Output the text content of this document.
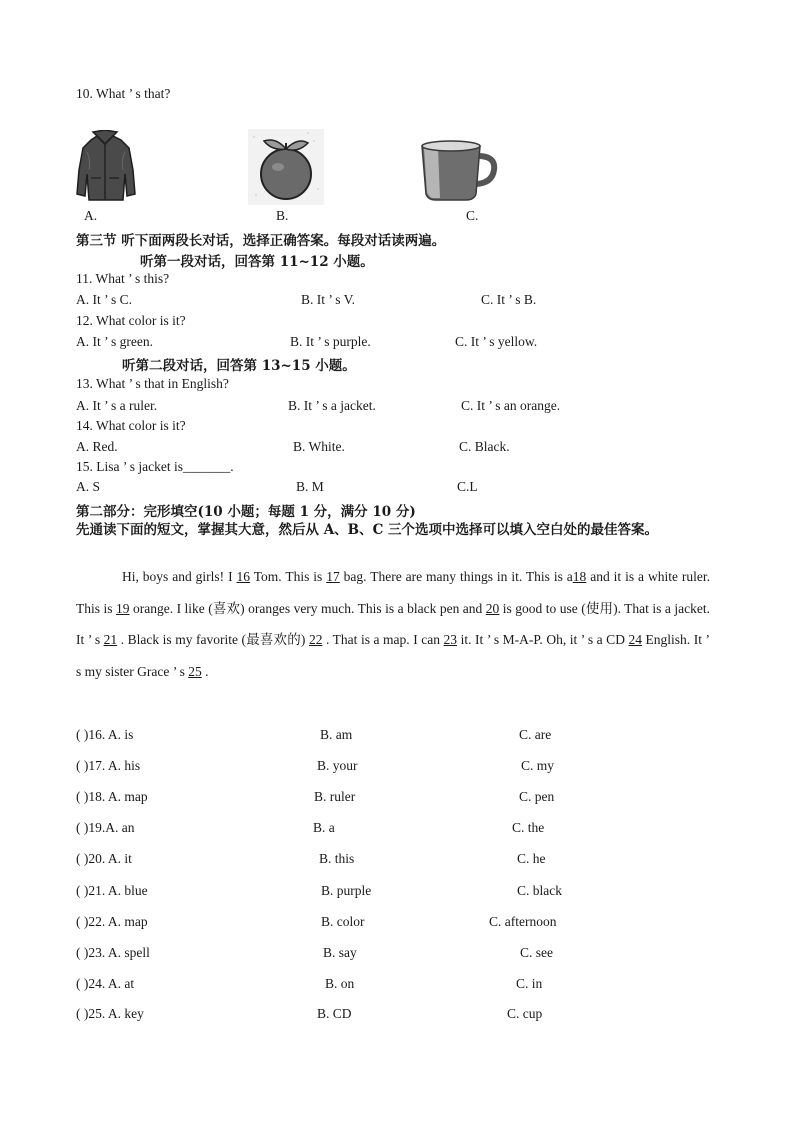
10. What ’ s that?
A.	B.	C.
第三节 听下面两段长对话，选择正确答案。每段对话读两遍。
听第一段对话，回答第 11~12 小题。
11. What ’ s this?
A. It ’ s C.	B. It ’ s V.	C. It ’ s B.
12. What color is it?
A. It ’ s green.	B. It ’ s purple.	C. It ’ s yellow.
听第二段对话，回答第 13~15 小题。
13. What ’ s that in English?
A. It ’ s a ruler.	B. It ’ s a jacket.	C. It ’ s an orange.
14. What color is it?
A. Red.	B. White.	C. Black.
15. Lisa ’ s jacket is_______.
A. S	B. M	C.L
第二部分：完形填空(10 小题；每题 1 分，满分 10 分)
先通读下面的短文，掌握其大意，然后从 A、B、C 三个选项中选择可以填入空白处的最佳答案。
Hi, boys and girls! I 16 Tom. This is 17 bag. There are many things in it. This is a18 and it is a white ruler. This is 19 orange. I like (喜欢) oranges very much. This is a black pen and 20 is good to use (使用). That is a jacket. It ’ s 21 . Black is my favorite (最喜欢的) 22 . That is a map. I can 23 it. It ’ s M-A-P. Oh, it ’ s a CD 24 English. It ’ s my sister Grace ’ s 25 .
( )16. A. is	B. am	C. are
( )17. A. his	B. your	C. my
( )18. A. map	B. ruler	C. pen
( )19.A. an	B. a	C. the
( )20. A. it	B. this	C. he
( )21. A. blue	B. purple	C. black
( )22. A. map	B. color	C. afternoon
( )23. A. spell	B. say	C. see
( )24. A. at	B. on	C. in
( )25. A. key	B. CD	C. cup
